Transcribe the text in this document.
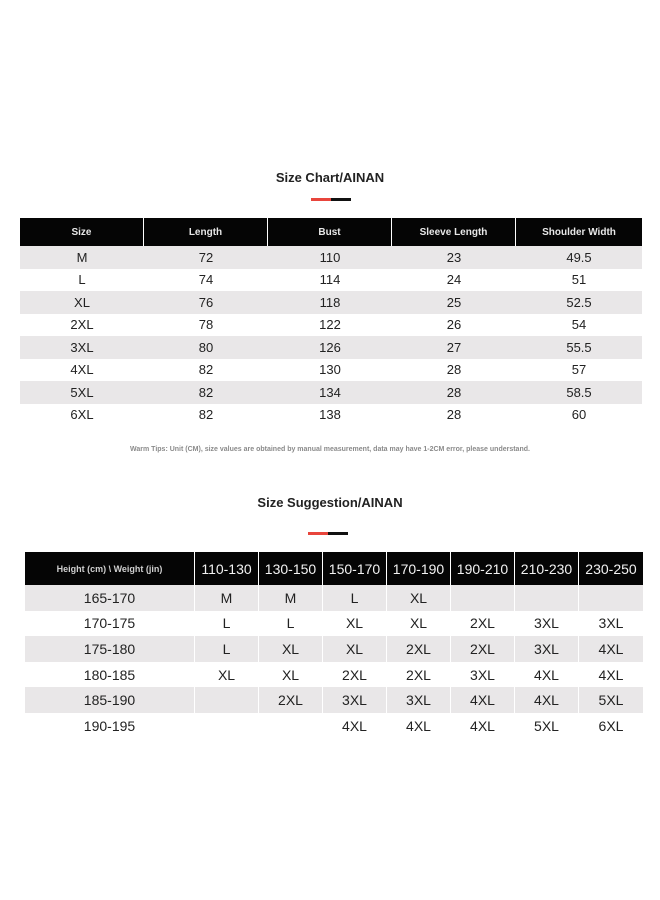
Size Chart/AINAN
Size	Length	Bust	Sleeve Length	Shoulder Width
M	72	110	23	49.5
L	74	114	24	51
XL	76	118	25	52.5
2XL	78	122	26	54
3XL	80	126	27	55.5
4XL	82	130	28	57
5XL	82	134	28	58.5
6XL	82	138	28	60
Warm Tips: Unit (CM), size values are obtained by manual measurement, data may have 1-2CM error, please understand.
Size Suggestion/AINAN
Height (cm) \ Weight (jin)	110-130	130-150	150-170	170-190	190-210	210-230	230-250
165-170	M	M	L	XL			
170-175	L	L	XL	XL	2XL	3XL	3XL
175-180	L	XL	XL	2XL	2XL	3XL	4XL
180-185	XL	XL	2XL	2XL	3XL	4XL	4XL
185-190		2XL	3XL	3XL	4XL	4XL	5XL
190-195			4XL	4XL	4XL	5XL	6XL
